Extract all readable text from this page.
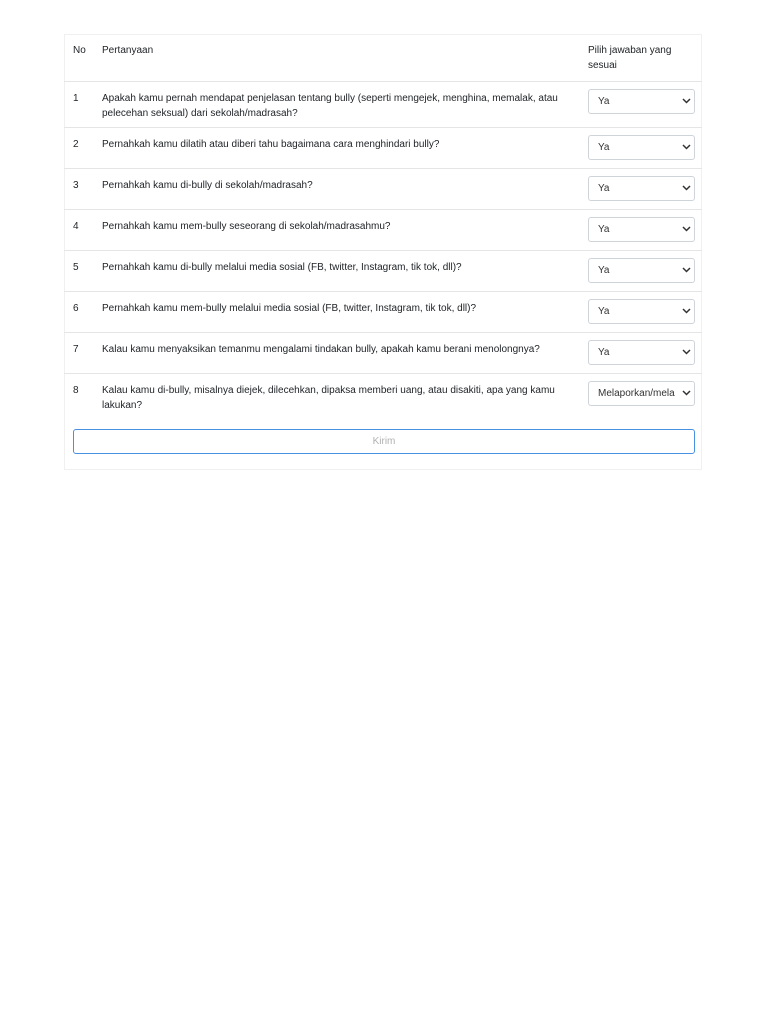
No	Pertanyaan	Pilih jawaban yang sesuai
1	Apakah kamu pernah mendapat penjelasan tentang bully (seperti mengejek, menghina, memalak, atau pelecehan seksual) dari sekolah/madrasah?	Ya

2	Pernahkah kamu dilatih atau diberi tahu bagaimana cara menghindari bully?	Ya

3	Pernahkah kamu di-bully di sekolah/madrasah?	Ya

4	Pernahkah kamu mem-bully seseorang di sekolah/madrasahmu?	Ya

5	Pernahkah kamu di-bully melalui media sosial (FB, twitter, Instagram, tik tok, dll)?	Ya

6	Pernahkah kamu mem-bully melalui media sosial (FB, twitter, Instagram, tik tok, dll)?	Ya

7	Kalau kamu menyaksikan temanmu mengalami tindakan bully, apakah kamu berani menolongnya?	Ya

8	Kalau kamu di-bully, misalnya diejek, dilecehkan, dipaksa memberi uang, atau disakiti, apa yang kamu lakukan?	Melaporkan/mela
Kirim
